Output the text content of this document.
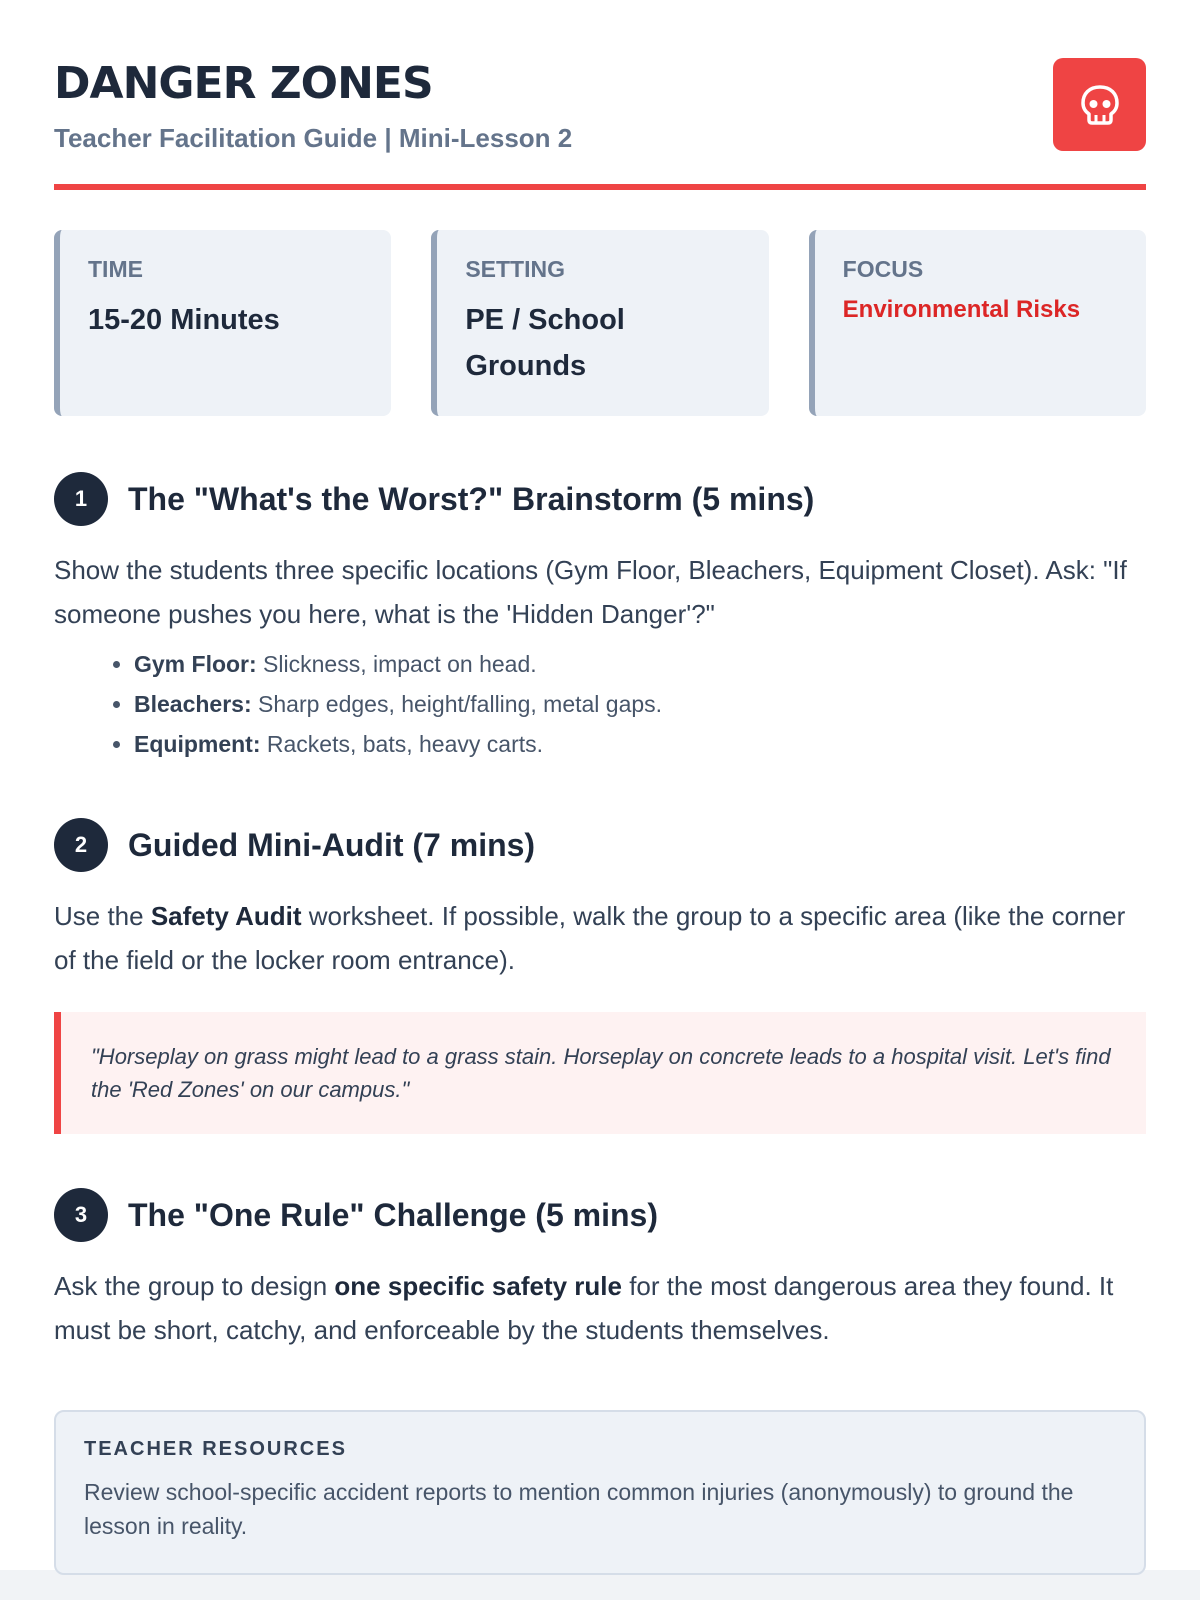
DANGER ZONES
Teacher Facilitation Guide | Mini-Lesson 2
TIME
15-20 Minutes
SETTING
PE / School Grounds
FOCUS
Environmental Risks
1	The "What's the Worst?" Brainstorm (5 mins)

Show the students three specific locations (Gym Floor, Bleachers, Equipment Closet). Ask: "If someone pushes you here, what is the 'Hidden Danger'?"

• Gym Floor: Slickness, impact on head.
• Bleachers: Sharp edges, height/falling, metal gaps.
• Equipment: Rackets, bats, heavy carts.
2	Guided Mini-Audit (7 mins)

Use the Safety Audit worksheet. If possible, walk the group to a specific area (like the corner of the field or the locker room entrance).

"Horseplay on grass might lead to a grass stain. Horseplay on concrete leads to a hospital visit. Let's find the 'Red Zones' on our campus."
3	The "One Rule" Challenge (5 mins)

Ask the group to design one specific safety rule for the most dangerous area they found. It must be short, catchy, and enforceable by the students themselves.

TEACHER RESOURCES
Review school-specific accident reports to mention common injuries (anonymously) to ground the lesson in reality.
